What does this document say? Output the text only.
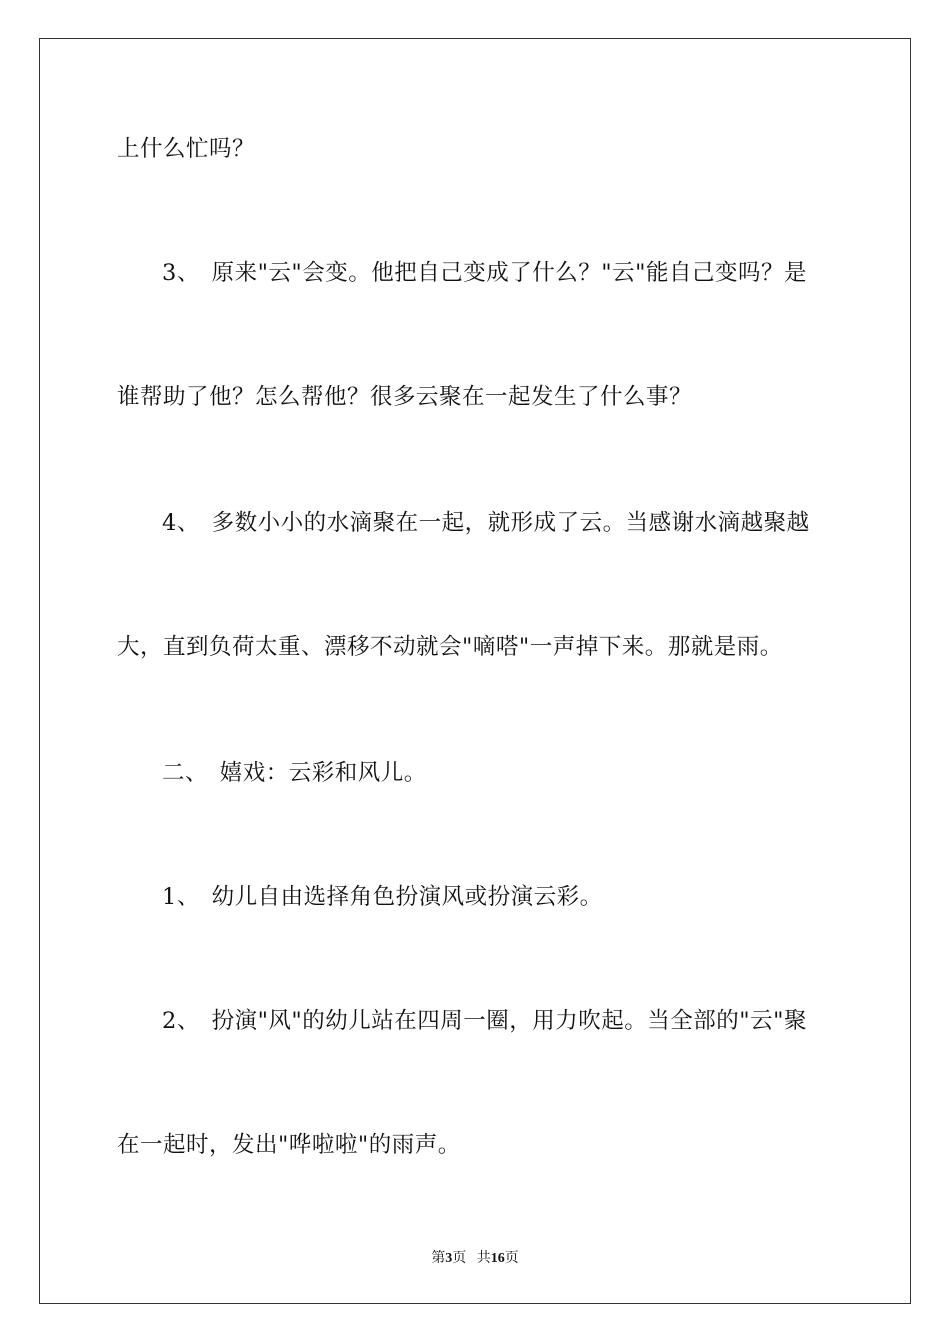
上什么忙吗？
3、　原来"云"会变。他把自己变成了什么？"云"能自己变吗？是
谁帮助了他？怎么帮他？很多云聚在一起发生了什么事？
4、　多数小小的水滴聚在一起，就形成了云。当感谢水滴越聚越
大，直到负荷太重、漂移不动就会"嘀嗒"一声掉下来。那就是雨。
二、　嬉戏：云彩和风儿。
1、　幼儿自由选择角色扮演风或扮演云彩。
2、　扮演"风"的幼儿站在四周一圈，用力吹起。当全部的"云"聚
在一起时，发出"哗啦啦"的雨声。
第3页 共16页
